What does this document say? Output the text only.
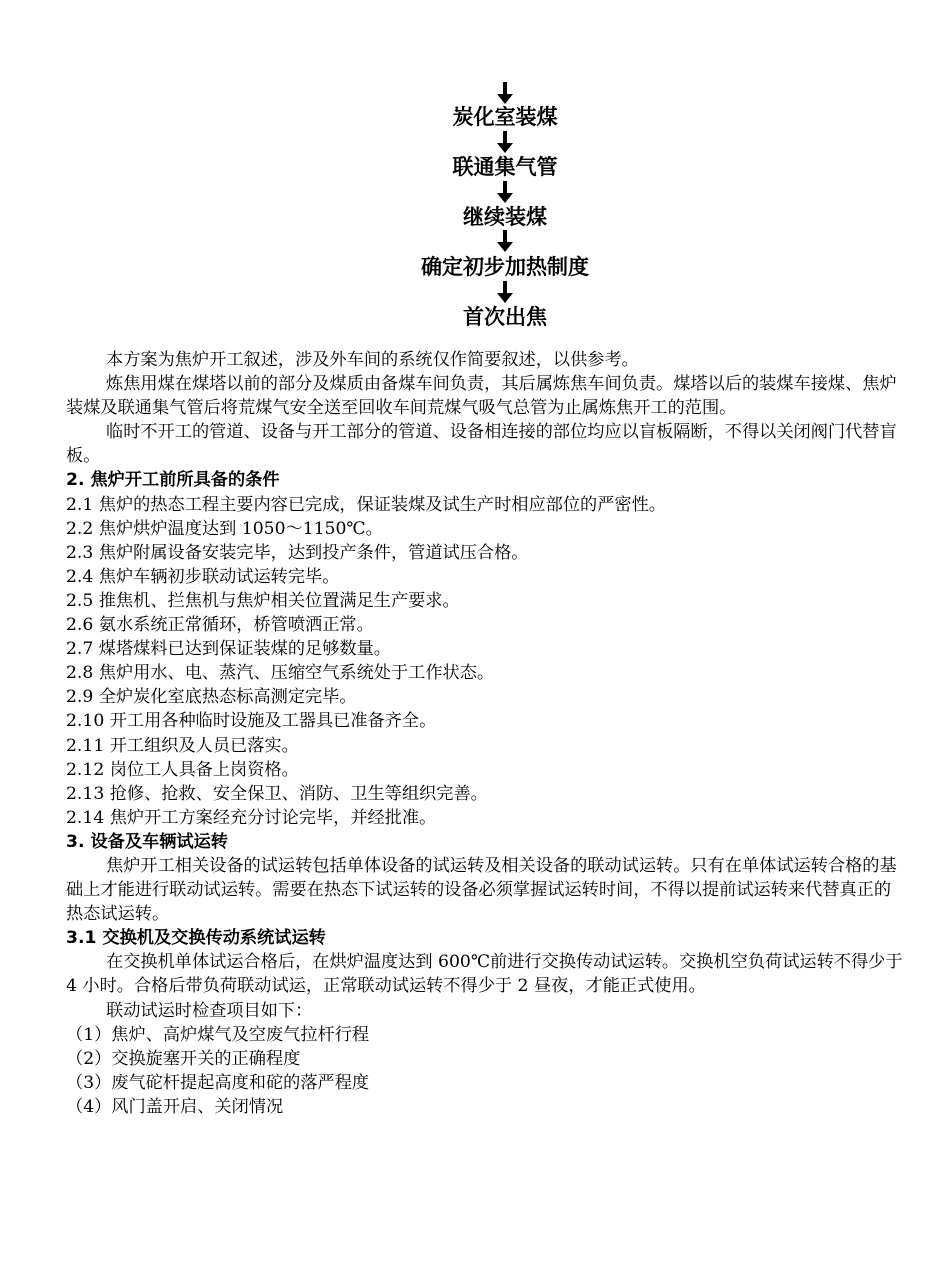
炭化室装煤
联通集气管
继续装煤
确定初步加热制度
首次出焦

本方案为焦炉开工叙述，涉及外车间的系统仅作简要叙述，以供参考。

炼焦用煤在煤塔以前的部分及煤质由备煤车间负责，其后属炼焦车间负责。煤塔以后的装煤车接煤、焦炉装煤及联通集气管后将荒煤气安全送至回收车间荒煤气吸气总管为止属炼焦开工的范围。

临时不开工的管道、设备与开工部分的管道、设备相连接的部位均应以盲板隔断，不得以关闭阀门代替盲板。

2. 焦炉开工前所具备的条件

2.1 焦炉的热态工程主要内容已完成，保证装煤及试生产时相应部位的严密性。

2.2 焦炉烘炉温度达到 1050～1150℃。

2.3 焦炉附属设备安装完毕，达到投产条件，管道试压合格。

2.4 焦炉车辆初步联动试运转完毕。

2.5 推焦机、拦焦机与焦炉相关位置满足生产要求。

2.6 氨水系统正常循环，桥管喷洒正常。

2.7 煤塔煤料已达到保证装煤的足够数量。

2.8 焦炉用水、电、蒸汽、压缩空气系统处于工作状态。

2.9 全炉炭化室底热态标高测定完毕。

2.10 开工用各种临时设施及工器具已准备齐全。

2.11 开工组织及人员已落实。

2.12 岗位工人具备上岗资格。

2.13 抢修、抢救、安全保卫、消防、卫生等组织完善。

2.14 焦炉开工方案经充分讨论完毕，并经批准。

3. 设备及车辆试运转

焦炉开工相关设备的试运转包括单体设备的试运转及相关设备的联动试运转。只有在单体试运转合格的基础上才能进行联动试运转。需要在热态下试运转的设备必须掌握试运转时间，不得以提前试运转来代替真正的热态试运转。

3.1 交换机及交换传动系统试运转

在交换机单体试运合格后，在烘炉温度达到 600℃前进行交换传动试运转。交换机空负荷试运转不得少于 4 小时。合格后带负荷联动试运，正常联动试运转不得少于 2 昼夜，才能正式使用。

联动试运时检查项目如下：

（1）焦炉、高炉煤气及空废气拉杆行程

（2）交换旋塞开关的正确程度

（3）废气砣杆提起高度和砣的落严程度

（4）风门盖开启、关闭情况
